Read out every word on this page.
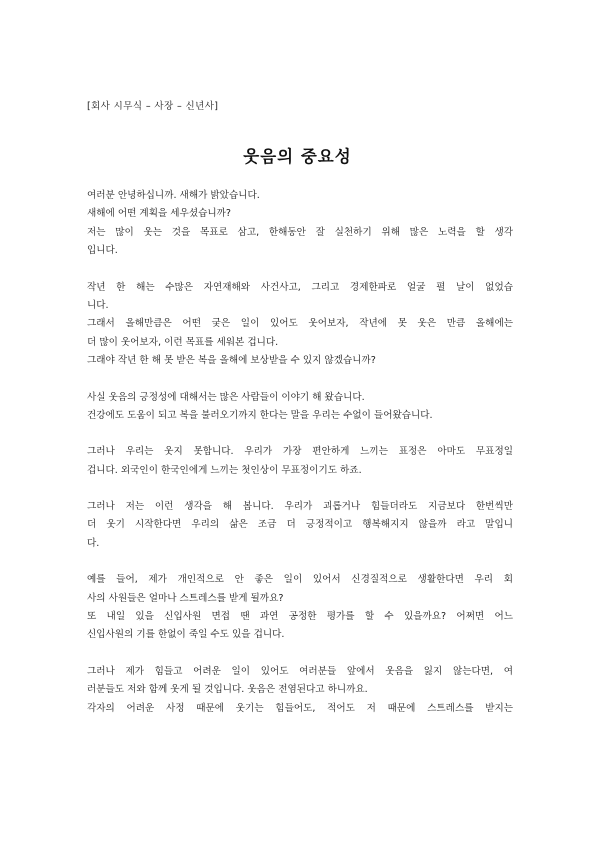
[회사 시무식 – 사장 – 신년사]
웃음의 중요성
여러분 안녕하십니까. 새해가 밝았습니다.
새해에 어떤 계획을 세우셨습니까?
저는 많이 웃는 것을 목표로 삼고, 한해동안 잘 실천하기 위해 많은 노력을 할 생각
입니다.
작년 한 해는 수많은 자연재해와 사건사고, 그리고 경제한파로 얼굴 펼 날이 없었습
니다.
그래서 올해만큼은 어떤 궂은 일이 있어도 웃어보자, 작년에 못 웃은 만큼 올해에는
더 많이 웃어보자, 이런 목표를 세워본 겁니다.
그래야 작년 한 해 못 받은 복을 올해에 보상받을 수 있지 않겠습니까?
사실 웃음의 긍정성에 대해서는 많은 사람들이 이야기 해 왔습니다.
건강에도 도움이 되고 복을 불러오기까지 한다는 말을 우리는 수없이 들어왔습니다.
그러나 우리는 웃지 못합니다. 우리가 가장 편안하게 느끼는 표정은 아마도 무표정일
겁니다. 외국인이 한국인에게 느끼는 첫인상이 무표정이기도 하죠.
그러나 저는 이런 생각을 해 봅니다. 우리가 괴롭거나 힘들더라도 지금보다 한번씩만
더 웃기 시작한다면 우리의 삶은 조금 더 긍정적이고 행복해지지 않을까 라고 말입니
다.
예를 들어, 제가 개인적으로 안 좋은 일이 있어서 신경질적으로 생활한다면 우리 회
사의 사원들은 얼마나 스트레스를 받게 될까요?
또 내일 있을 신입사원 면접 땐 과연 공정한 평가를 할 수 있을까요? 어쩌면 어느
신입사원의 기를 한없이 죽일 수도 있을 겁니다.
그러나 제가 힘들고 어려운 일이 있어도 여러분들 앞에서 웃음을 잃지 않는다면, 여
러분들도 저와 함께 웃게 될 것입니다. 웃음은 전염된다고 하니까요.
각자의 어려운 사정 때문에 웃기는 힘들어도, 적어도 저 때문에 스트레스를 받지는
